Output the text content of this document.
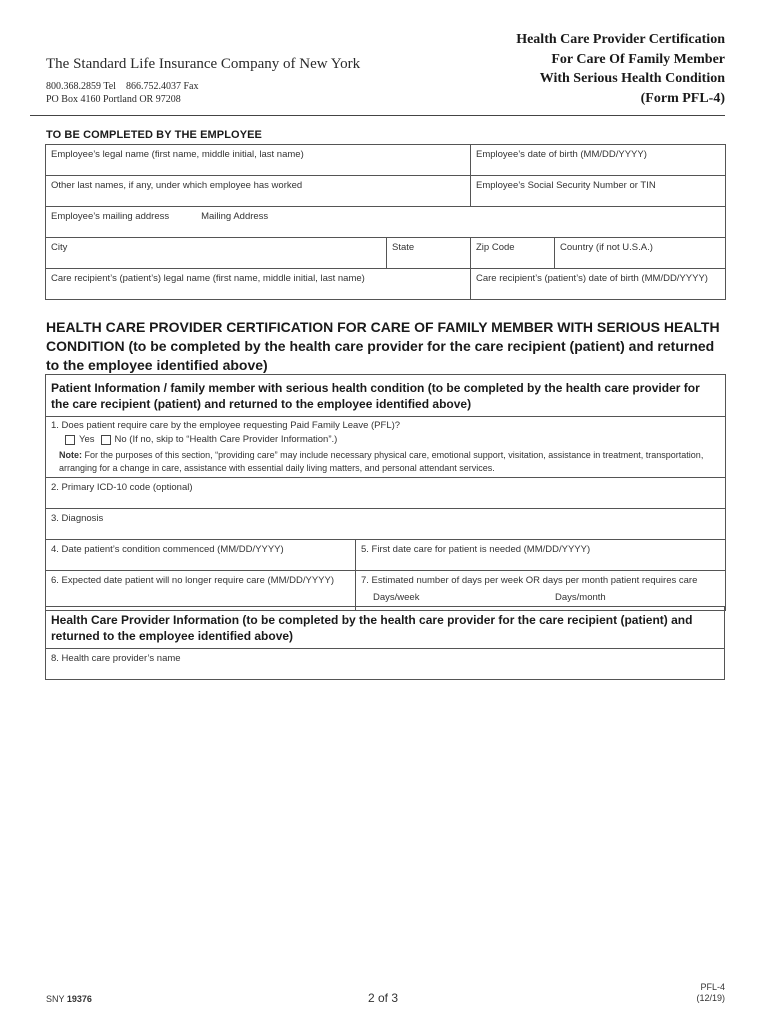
The Standard Life Insurance Company of New York
800.368.2859 Tel 866.752.4037 Fax
PO Box 4160 Portland OR 97208
Health Care Provider Certification
For Care Of Family Member
With Serious Health Condition
(Form PFL-4)
TO BE COMPLETED BY THE EMPLOYEE
Employee’s legal name (first name, middle initial, last name)		Employee’s date of birth (MM/DD/YYYY)	
Other last names, if any, under which employee has worked		Employee’s Social Security Number or TIN	
Employee’s mailing address Mailing Address			
City	State	Zip Code	Country (if not U.S.A.)
Care recipient’s (patient’s) legal name (first name, middle initial, last name)		Care recipient’s (patient’s) date of birth (MM/DD/YYYY)	
HEALTH CARE PROVIDER CERTIFICATION FOR CARE OF FAMILY MEMBER WITH SERIOUS HEALTH CONDITION (to be completed by the health care provider for the care recipient (patient) and returned to the employee identified above)
Patient Information / family member with serious health condition (to be completed by the health care provider for the care recipient (patient) and returned to the employee identified above)	

1. Does patient require care by the employee requesting Paid Family Leave (PFL)?
Yes No (If no, skip to “Health Care Provider Information”.)
Note: For the purposes of this section, “providing care” may include necessary physical care, emotional support, visitation, assistance in treatment, transportation, arranging for a change in care, assistance with essential daily living matters, and personal attendant services.	

2. Primary ICD-10 code (optional)	
3. Diagnosis	
4. Date patient’s condition commenced (MM/DD/YYYY)	5. First date care for patient is needed (MM/DD/YYYY)
6. Expected date patient will no longer require care (MM/DD/YYYY)	7. Estimated number of days per week OR days per month patient requires care
Days/week Days/month
Health Care Provider Information (to be completed by the health care provider for the care recipient (patient) and returned to the employee identified above)
8. Health care provider’s name
SNY 19376	2 of 3
PFL-4
(12/19)
